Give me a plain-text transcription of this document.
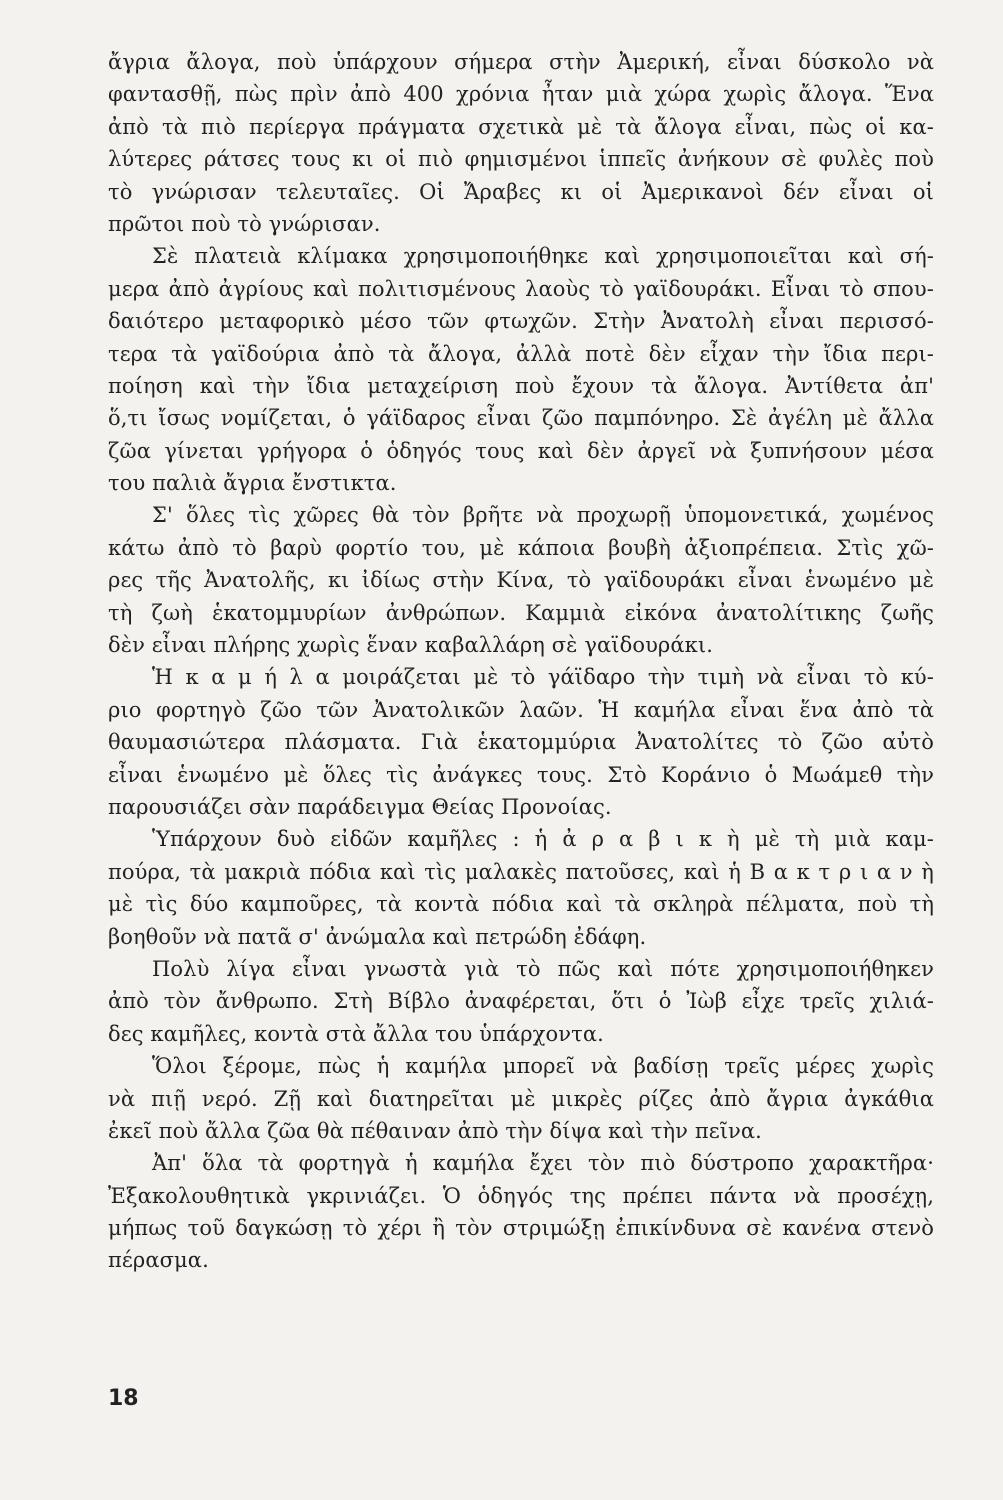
ἄγρια ἄλογα, ποὺ ὑπάρχουν σήμερα στὴν Ἀμερική, εἶναι δύσκολο νὰ
φαντασθῇ, πὼς πρὶν ἀπὸ 400 χρόνια ἦταν μιὰ χώρα χωρὶς ἄλογα. Ἕνα
ἀπὸ τὰ πιὸ περίεργα πράγματα σχετικὰ μὲ τὰ ἄλογα εἶναι, πὼς οἱ κα-
λύτερες ράτσες τους κι οἱ πιὸ φημισμένοι ἱππεῖς ἀνήκουν σὲ φυλὲς ποὺ
τὸ γνώρισαν τελευταῖες. Οἱ Ἄραβες κι οἱ Ἀμερικανοὶ δέν εἶναι οἱ
πρῶτοι ποὺ τὸ γνώρισαν.
Σὲ πλατειὰ κλίμακα χρησιμοποιήθηκε καὶ χρησιμοποιεῖται καὶ σή-
μερα ἀπὸ ἀγρίους καὶ πολιτισμένους λαοὺς τὸ γαϊδουράκι. Εἶναι τὸ σπου-
δαιότερο μεταφορικὸ μέσο τῶν φτωχῶν. Στὴν Ἀνατολὴ εἶναι περισσό-
τερα τὰ γαϊδούρια ἀπὸ τὰ ἄλογα, ἀλλὰ ποτὲ δὲν εἶχαν τὴν ἴδια περι-
ποίηση καὶ τὴν ἴδια μεταχείριση ποὺ ἔχουν τὰ ἄλογα. Ἀντίθετα ἀπ'
ὅ,τι ἴσως νομίζεται, ὁ γάϊδαρος εἶναι ζῶο παμπόνηρο. Σὲ ἀγέλη μὲ ἄλλα
ζῶα γίνεται γρήγορα ὁ ὁδηγός τους καὶ δὲν ἀργεῖ νὰ ξυπνήσουν μέσα
του παλιὰ ἄγρια ἔνστικτα.
Σ' ὅλες τὶς χῶρες θὰ τὸν βρῆτε νὰ προχωρῇ ὑπομονετικά, χωμένος
κάτω ἀπὸ τὸ βαρὺ φορτίο του, μὲ κάποια βουβὴ ἀξιοπρέπεια. Στὶς χῶ-
ρες τῆς Ἀνατολῆς, κι ἰδίως στὴν Κίνα, τὸ γαϊδουράκι εἶναι ἑνωμένο μὲ
τὴ ζωὴ ἑκατομμυρίων ἀνθρώπων. Καμμιὰ εἰκόνα ἀνατολίτικης ζωῆς
δὲν εἶναι πλήρης χωρὶς ἕναν καβαλλάρη σὲ γαϊδουράκι.
Ἡ κ α μ ή λ α μοιράζεται μὲ τὸ γάϊδαρο τὴν τιμὴ νὰ εἶναι τὸ κύ-
ριο φορτηγὸ ζῶο τῶν Ἀνατολικῶν λαῶν. Ἡ καμήλα εἶναι ἕνα ἀπὸ τὰ
θαυμασιώτερα πλάσματα. Γιὰ ἑκατομμύρια Ἀνατολίτες τὸ ζῶο αὐτὸ
εἶναι ἑνωμένο μὲ ὅλες τὶς ἀνάγκες τους. Στὸ Κοράνιο ὁ Μωάμεθ τὴν
παρουσιάζει σὰν παράδειγμα Θείας Προνοίας.
Ὑπάρχουν δυὸ εἰδῶν καμῆλες : ἡ ἀ ρ α β ι κ ὴ μὲ τὴ μιὰ καμ-
πούρα, τὰ μακριὰ πόδια καὶ τὶς μαλακὲς πατοῦσες, καὶ ἡ Β α κ τ ρ ι α ν ὴ
μὲ τὶς δύο καμποῦρες, τὰ κοντὰ πόδια καὶ τὰ σκληρὰ πέλματα, ποὺ τὴ
βοηθοῦν νὰ πατᾶ σ' ἀνώμαλα καὶ πετρώδη ἐδάφη.
Πολὺ λίγα εἶναι γνωστὰ γιὰ τὸ πῶς καὶ πότε χρησιμοποιήθηκεν
ἀπὸ τὸν ἄνθρωπο. Στὴ Βίβλο ἀναφέρεται, ὅτι ὁ Ἰὼβ εἶχε τρεῖς χιλιά-
δες καμῆλες, κοντὰ στὰ ἄλλα του ὑπάρχοντα.
Ὅλοι ξέρομε, πὼς ἡ καμήλα μπορεῖ νὰ βαδίσῃ τρεῖς μέρες χωρὶς
νὰ πιῇ νερό. Ζῇ καὶ διατηρεῖται μὲ μικρὲς ρίζες ἀπὸ ἄγρια ἀγκάθια
ἐκεῖ ποὺ ἄλλα ζῶα θὰ πέθαιναν ἀπὸ τὴν δίψα καὶ τὴν πεῖνα.
Ἀπ' ὅλα τὰ φορτηγὰ ἡ καμήλα ἔχει τὸν πιὸ δύστροπο χαρακτῆρα·
Ἐξακολουθητικὰ γκρινιάζει. Ὁ ὁδηγός της πρέπει πάντα νὰ προσέχῃ,
μήπως τοῦ δαγκώσῃ τὸ χέρι ἢ τὸν στριμώξῃ ἐπικίνδυνα σὲ κανένα στενὸ
πέρασμα.
18
